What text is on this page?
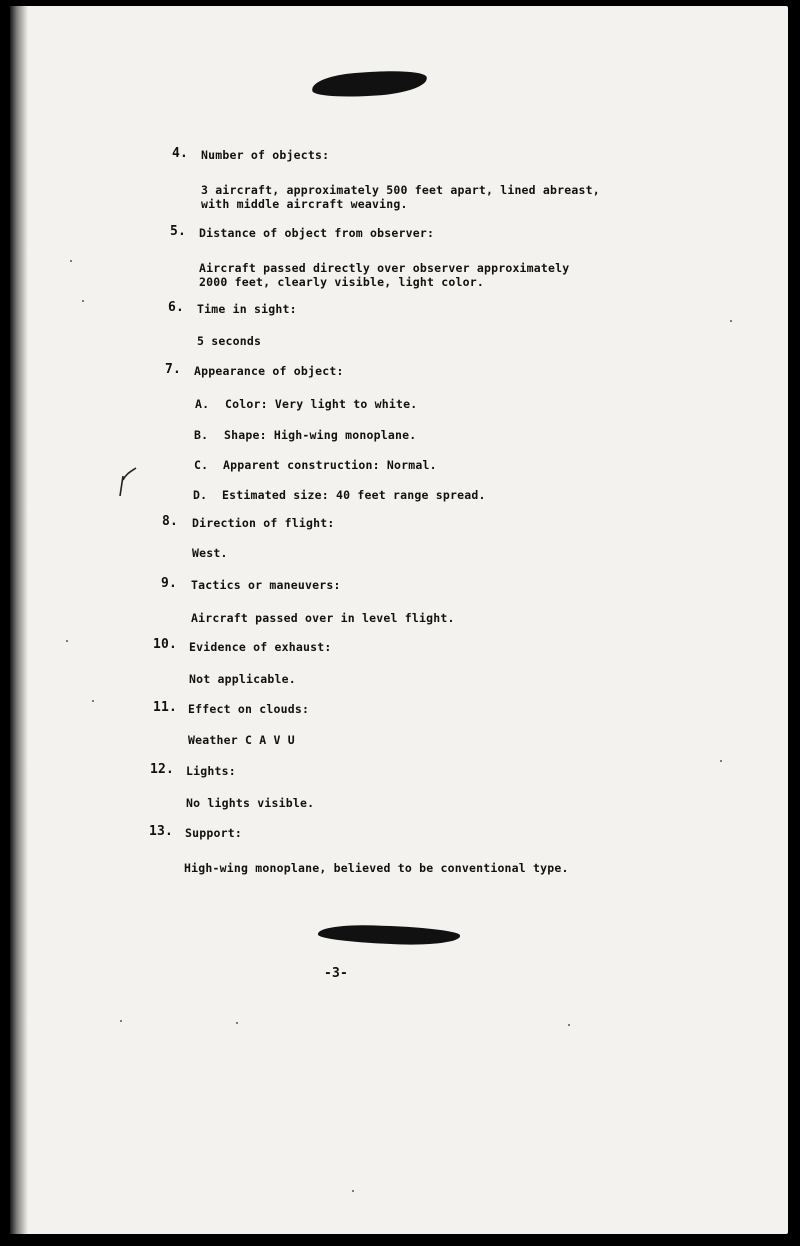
4. Number of objects:
3 aircraft, approximately 500 feet apart, lined abreast,
with middle aircraft weaving.
5. Distance of object from observer:
Aircraft passed directly over observer approximately
2000 feet, clearly visible, light color.
6. Time in sight:
5 seconds
7. Appearance of object:
A. Color: Very light to white.
B. Shape: High-wing monoplane.
C. Apparent construction: Normal.
D. Estimated size: 40 feet range spread.
8. Direction of flight:
West.
9. Tactics or maneuvers:
Aircraft passed over in level flight.
10. Evidence of exhaust:
Not applicable.
11. Effect on clouds:
Weather C A V U
12. Lights:
No lights visible.
13. Support:
High-wing monoplane, believed to be conventional type.
-3-
